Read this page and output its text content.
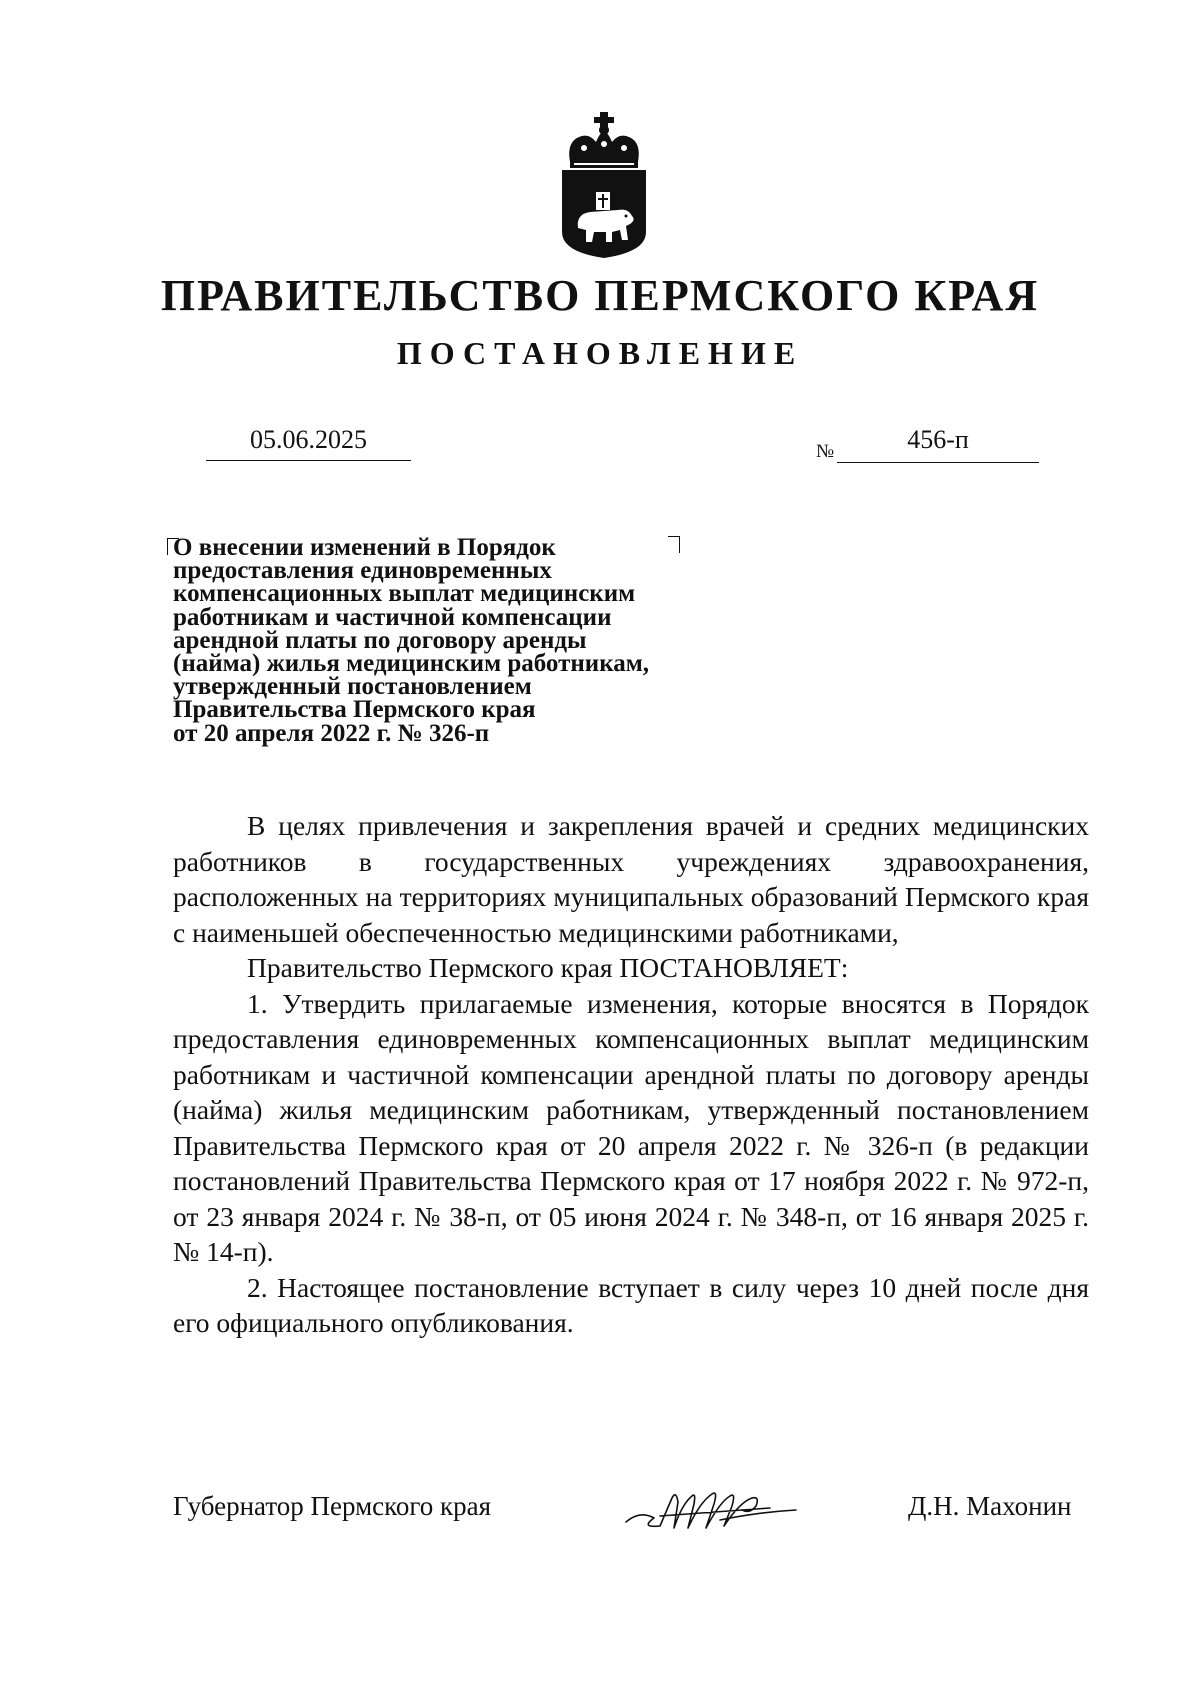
ПРАВИТЕЛЬСТВО ПЕРМСКОГО КРАЯ
ПОСТАНОВЛЕНИЕ
05.06.2025	№	456-п
О внесении изменений в Порядок
предоставления единовременных
компенсационных выплат медицинским
работникам и частичной компенсации
арендной платы по договору аренды
(найма) жилья медицинским работникам,
утвержденный постановлением
Правительства Пермского края
от 20 апреля 2022 г. № 326-п

В целях привлечения и закрепления врачей и средних медицинских работников в государственных учреждениях здравоохранения, расположенных на территориях муниципальных образований Пермского края с наименьшей обеспеченностью медицинскими работниками,

Правительство Пермского края ПОСТАНОВЛЯЕТ:

1. Утвердить прилагаемые изменения, которые вносятся в Порядок предоставления единовременных компенсационных выплат медицинским работникам и частичной компенсации арендной платы по договору аренды (найма) жилья медицинским работникам, утвержденный постановлением Правительства Пермского края от 20 апреля 2022 г. № 326-п (в редакции постановлений Правительства Пермского края от 17 ноября 2022 г. № 972-п, от 23 января 2024 г. № 38-п, от 05 июня 2024 г. № 348-п, от 16 января 2025 г. № 14-п).

2. Настоящее постановление вступает в силу через 10 дней после дня его официального опубликования.

Губернатор Пермского края	Д.Н. Махонин
